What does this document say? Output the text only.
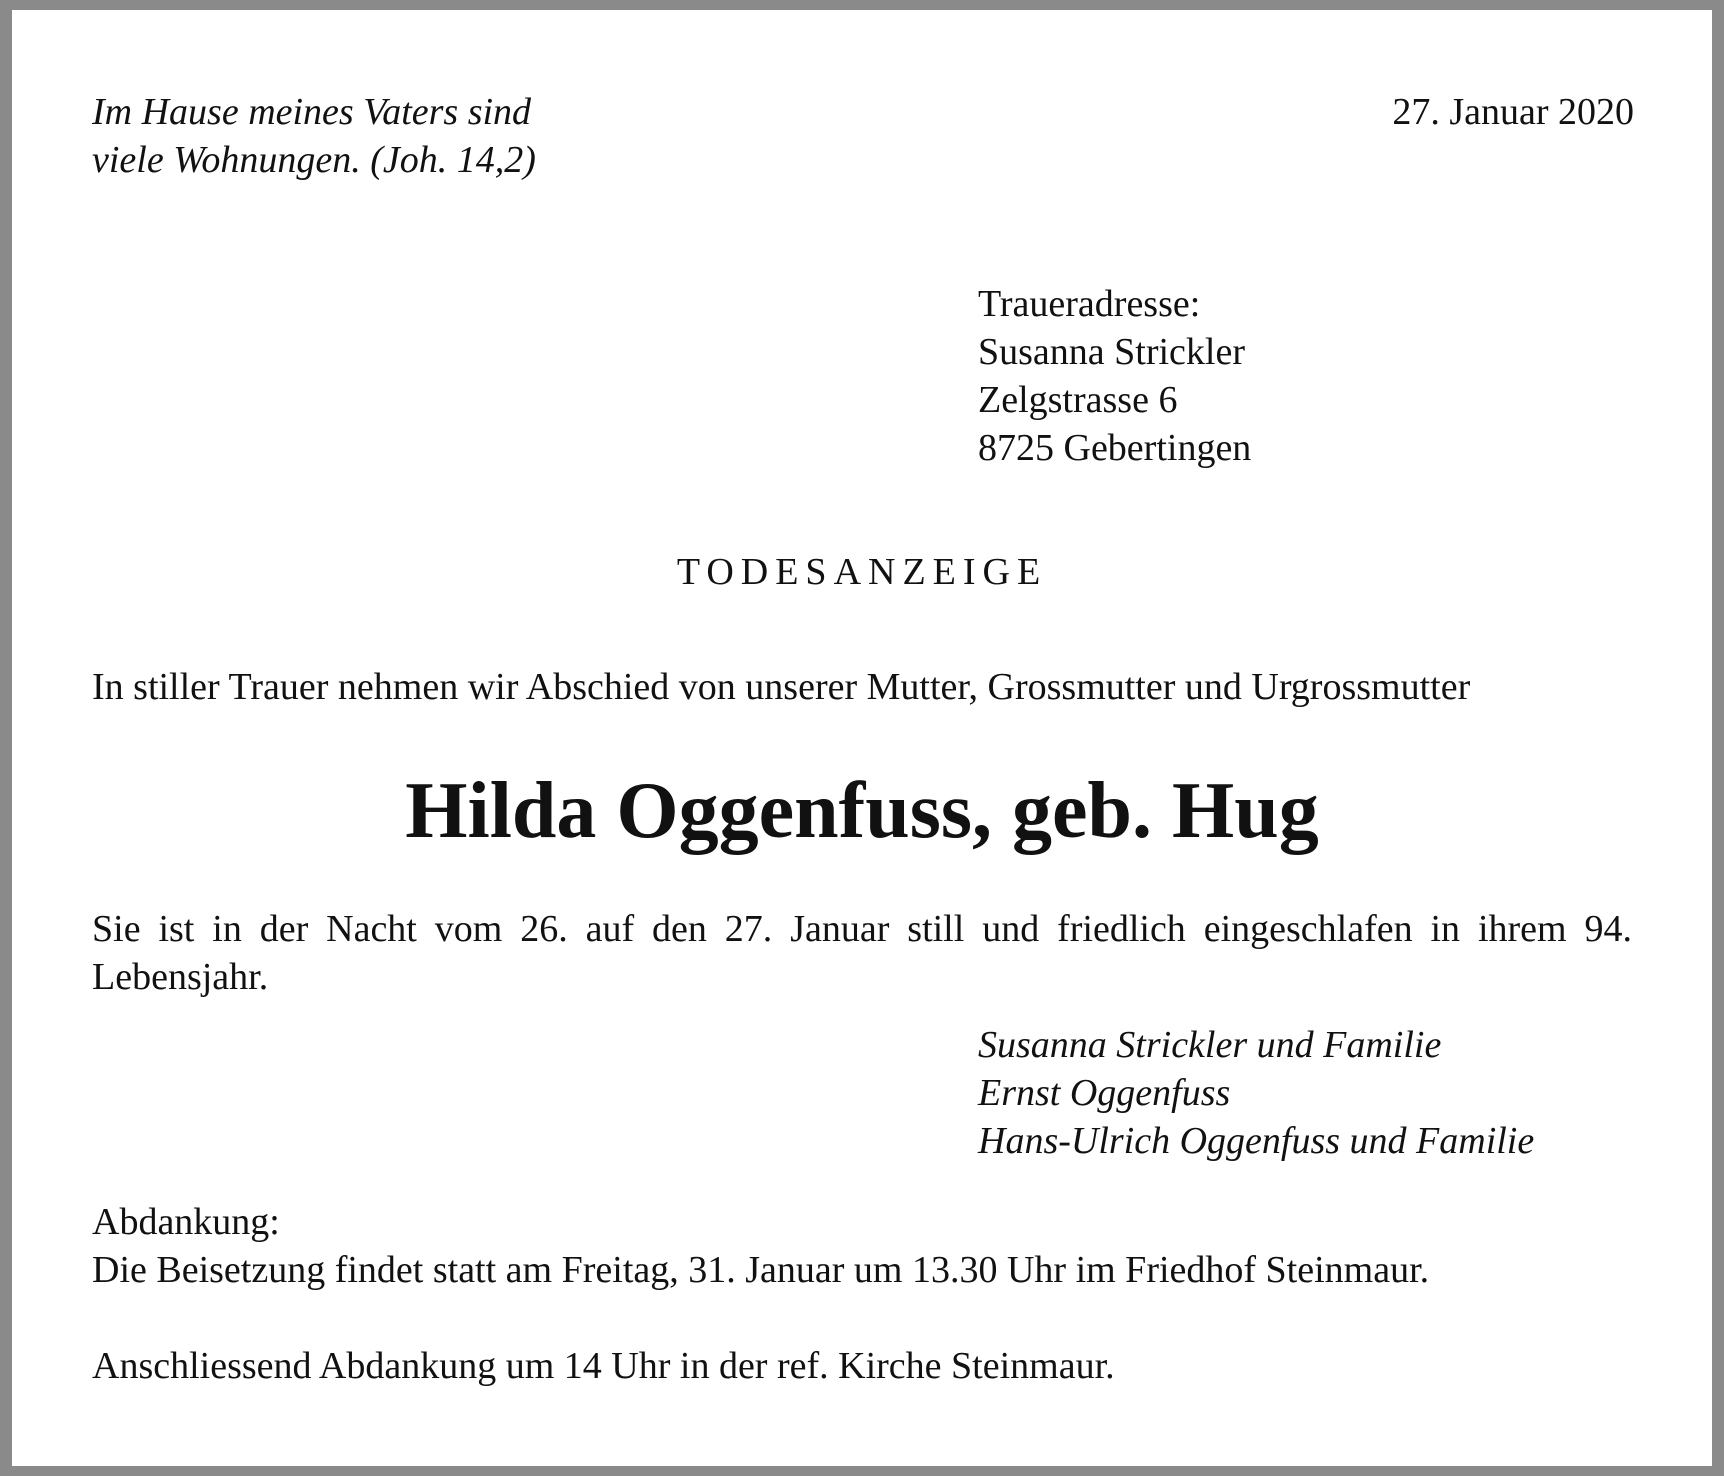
Im Hause meines Vaters sind
viele Wohnungen. (Joh. 14,2)
27. Januar 2020
Traueradresse:
Susanna Strickler
Zelgstrasse 6
8725 Gebertingen
TODESANZEIGE
In stiller Trauer nehmen wir Abschied von unserer Mutter, Grossmutter und Urgrossmutter
Hilda Oggenfuss, geb. Hug
Sie ist in der Nacht vom 26. auf den 27. Januar still und friedlich eingeschlafen in ihrem 94. Lebensjahr.
Susanna Strickler und Familie
Ernst Oggenfuss
Hans-Ulrich Oggenfuss und Familie
Abdankung:
Die Beisetzung findet statt am Freitag, 31. Januar um 13.30 Uhr im Friedhof Steinmaur.
Anschliessend Abdankung um 14 Uhr in der ref. Kirche Steinmaur.
